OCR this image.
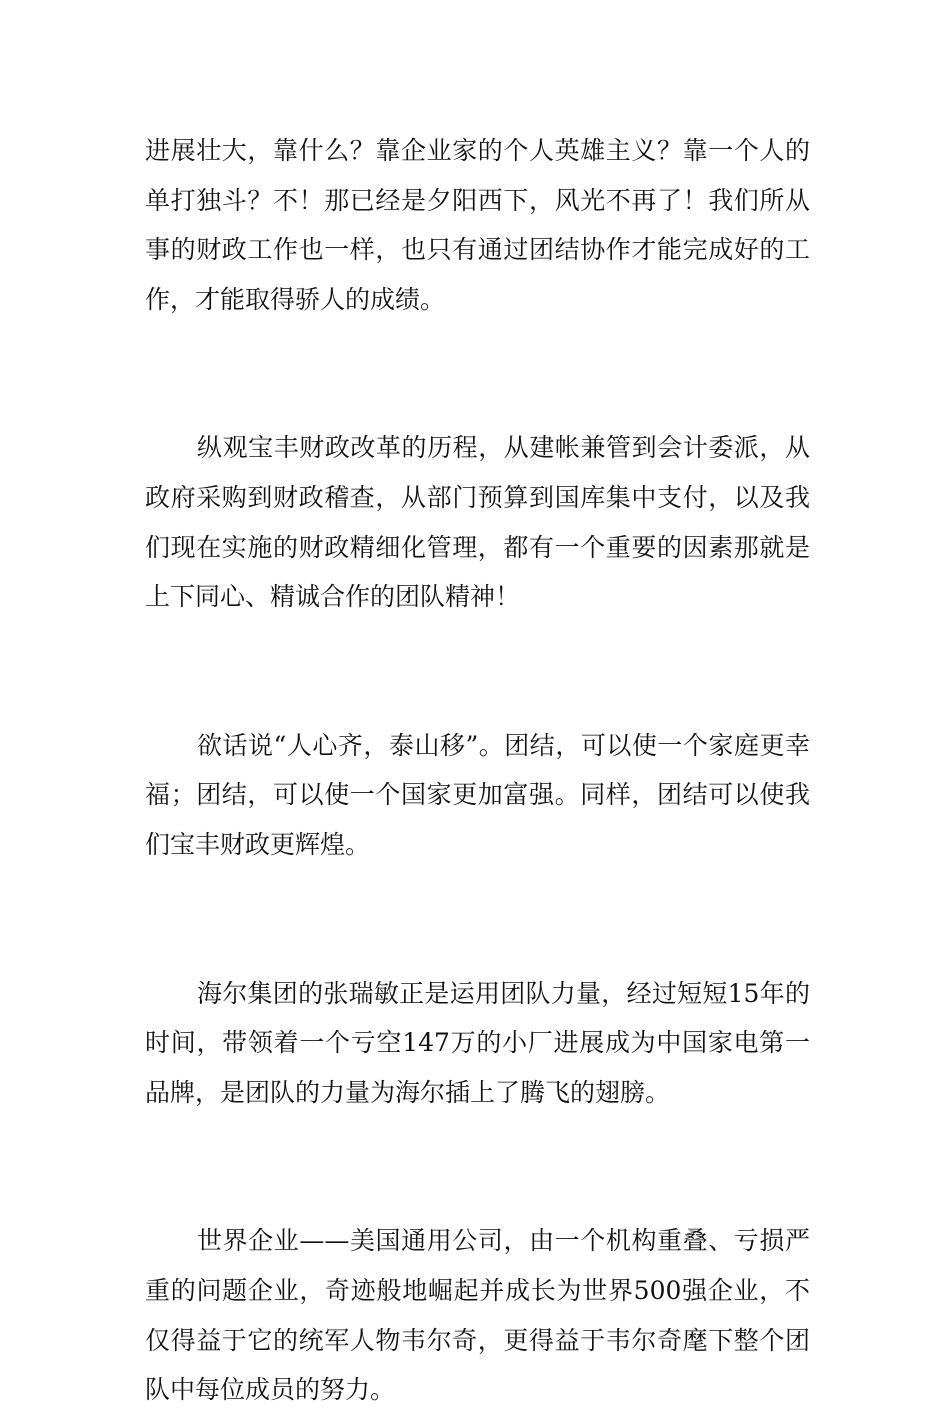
进展壮大，靠什么？靠企业家的个人英雄主义？靠一个人的单打独斗？不！那已经是夕阳西下，风光不再了！我们所从事的财政工作也一样，也只有通过团结协作才能完成好的工作，才能取得骄人的成绩。

纵观宝丰财政改革的历程，从建帐兼管到会计委派，从政府采购到财政稽查，从部门预算到国库集中支付，以及我们现在实施的财政精细化管理，都有一个重要的因素那就是上下同心、精诚合作的团队精神！

欲话说“人心齐，泰山移”。团结，可以使一个家庭更幸福；团结，可以使一个国家更加富强。同样，团结可以使我们宝丰财政更辉煌。

海尔集团的张瑞敏正是运用团队力量，经过短短15年的时间，带领着一个亏空147万的小厂进展成为中国家电第一品牌，是团队的力量为海尔插上了腾飞的翅膀。

世界企业——美国通用公司，由一个机构重叠、亏损严重的问题企业，奇迹般地崛起并成长为世界500强企业，不仅得益于它的统军人物韦尔奇，更得益于韦尔奇麾下整个团队中每位成员的努力。
